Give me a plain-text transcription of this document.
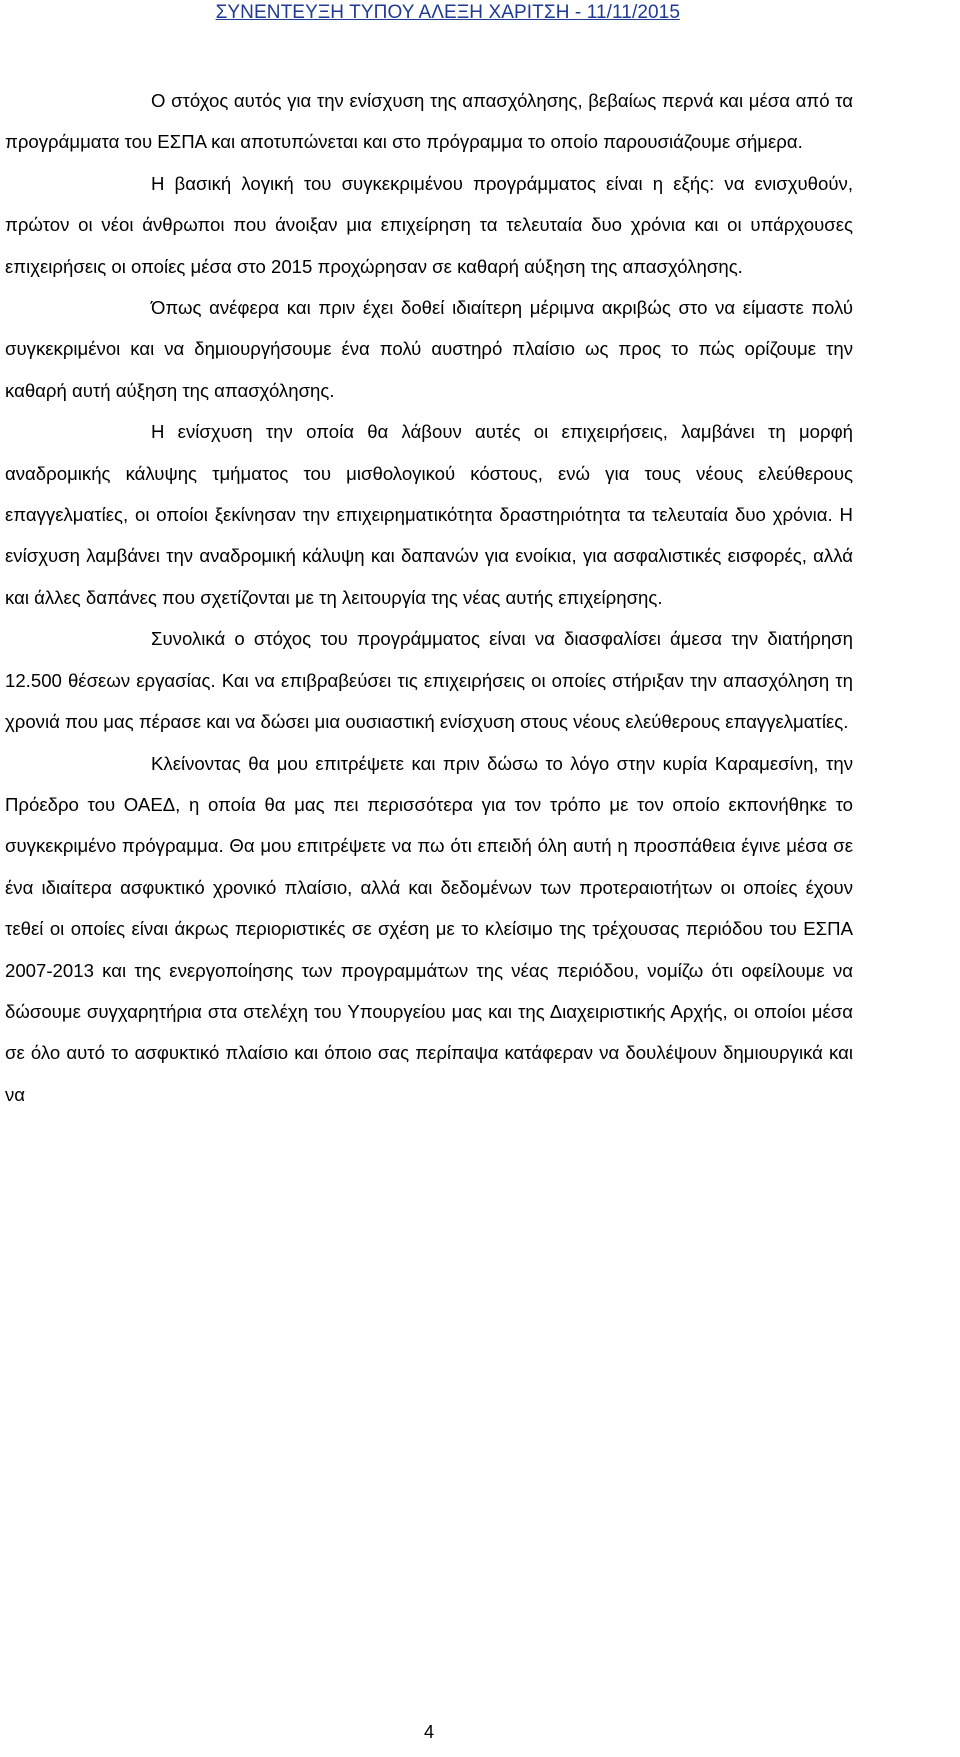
ΣΥΝΕΝΤΕΥΞΗ ΤΥΠΟΥ ΑΛΕΞΗ ΧΑΡΙΤΣΗ - 11/11/2015

Ο στόχος αυτός για την ενίσχυση της απασχόλησης, βεβαίως περνά και μέσα από τα προγράμματα του ΕΣΠΑ και αποτυπώνεται και στο πρόγραμμα το οποίο παρουσιάζουμε σήμερα.

Η βασική λογική του συγκεκριμένου προγράμματος είναι η εξής: να ενισχυθούν, πρώτον οι νέοι άνθρωποι που άνοιξαν μια επιχείρηση τα τελευταία δυο χρόνια και οι υπάρχουσες επιχειρήσεις οι οποίες μέσα στο 2015 προχώρησαν σε καθαρή αύξηση της απασχόλησης.

Όπως ανέφερα και πριν έχει δοθεί ιδιαίτερη μέριμνα ακριβώς στο να είμαστε πολύ συγκεκριμένοι και να δημιουργήσουμε ένα πολύ αυστηρό πλαίσιο ως προς το πώς ορίζουμε την καθαρή αυτή αύξηση της απασχόλησης.

Η ενίσχυση την οποία θα λάβουν αυτές οι επιχειρήσεις, λαμβάνει τη μορφή αναδρομικής κάλυψης τμήματος του μισθολογικού κόστους, ενώ για τους νέους ελεύθερους επαγγελματίες, οι οποίοι ξεκίνησαν την επιχειρηματικότητα δραστηριότητα τα τελευταία δυο χρόνια. Η ενίσχυση λαμβάνει την αναδρομική κάλυψη και δαπανών για ενοίκια, για ασφαλιστικές εισφορές, αλλά και άλλες δαπάνες που σχετίζονται με τη λειτουργία της νέας αυτής επιχείρησης.

Συνολικά ο στόχος του προγράμματος είναι να διασφαλίσει άμεσα την διατήρηση 12.500 θέσεων εργασίας. Και να επιβραβεύσει τις επιχειρήσεις οι οποίες στήριξαν την απασχόληση τη χρονιά που μας πέρασε και να δώσει μια ουσιαστική ενίσχυση στους νέους ελεύθερους επαγγελματίες.

Κλείνοντας θα μου επιτρέψετε και πριν δώσω το λόγο στην κυρία Καραμεσίνη, την Πρόεδρο του ΟΑΕΔ, η οποία θα μας πει περισσότερα για τον τρόπο με τον οποίο εκπονήθηκε το συγκεκριμένο πρόγραμμα. Θα μου επιτρέψετε να πω ότι επειδή όλη αυτή η προσπάθεια έγινε μέσα σε ένα ιδιαίτερα ασφυκτικό χρονικό πλαίσιο, αλλά και δεδομένων των προτεραιοτήτων οι οποίες έχουν τεθεί οι οποίες είναι άκρως περιοριστικές σε σχέση με το κλείσιμο της τρέχουσας περιόδου του ΕΣΠΑ 2007-2013 και της ενεργοποίησης των προγραμμάτων της νέας περιόδου, νομίζω ότι οφείλουμε να δώσουμε συγχαρητήρια στα στελέχη του Υπουργείου μας και της Διαχειριστικής Αρχής, οι οποίοι μέσα σε όλο αυτό το ασφυκτικό πλαίσιο και όποιο σας περίπαψα κατάφεραν να δουλέψουν δημιουργικά και να

4
